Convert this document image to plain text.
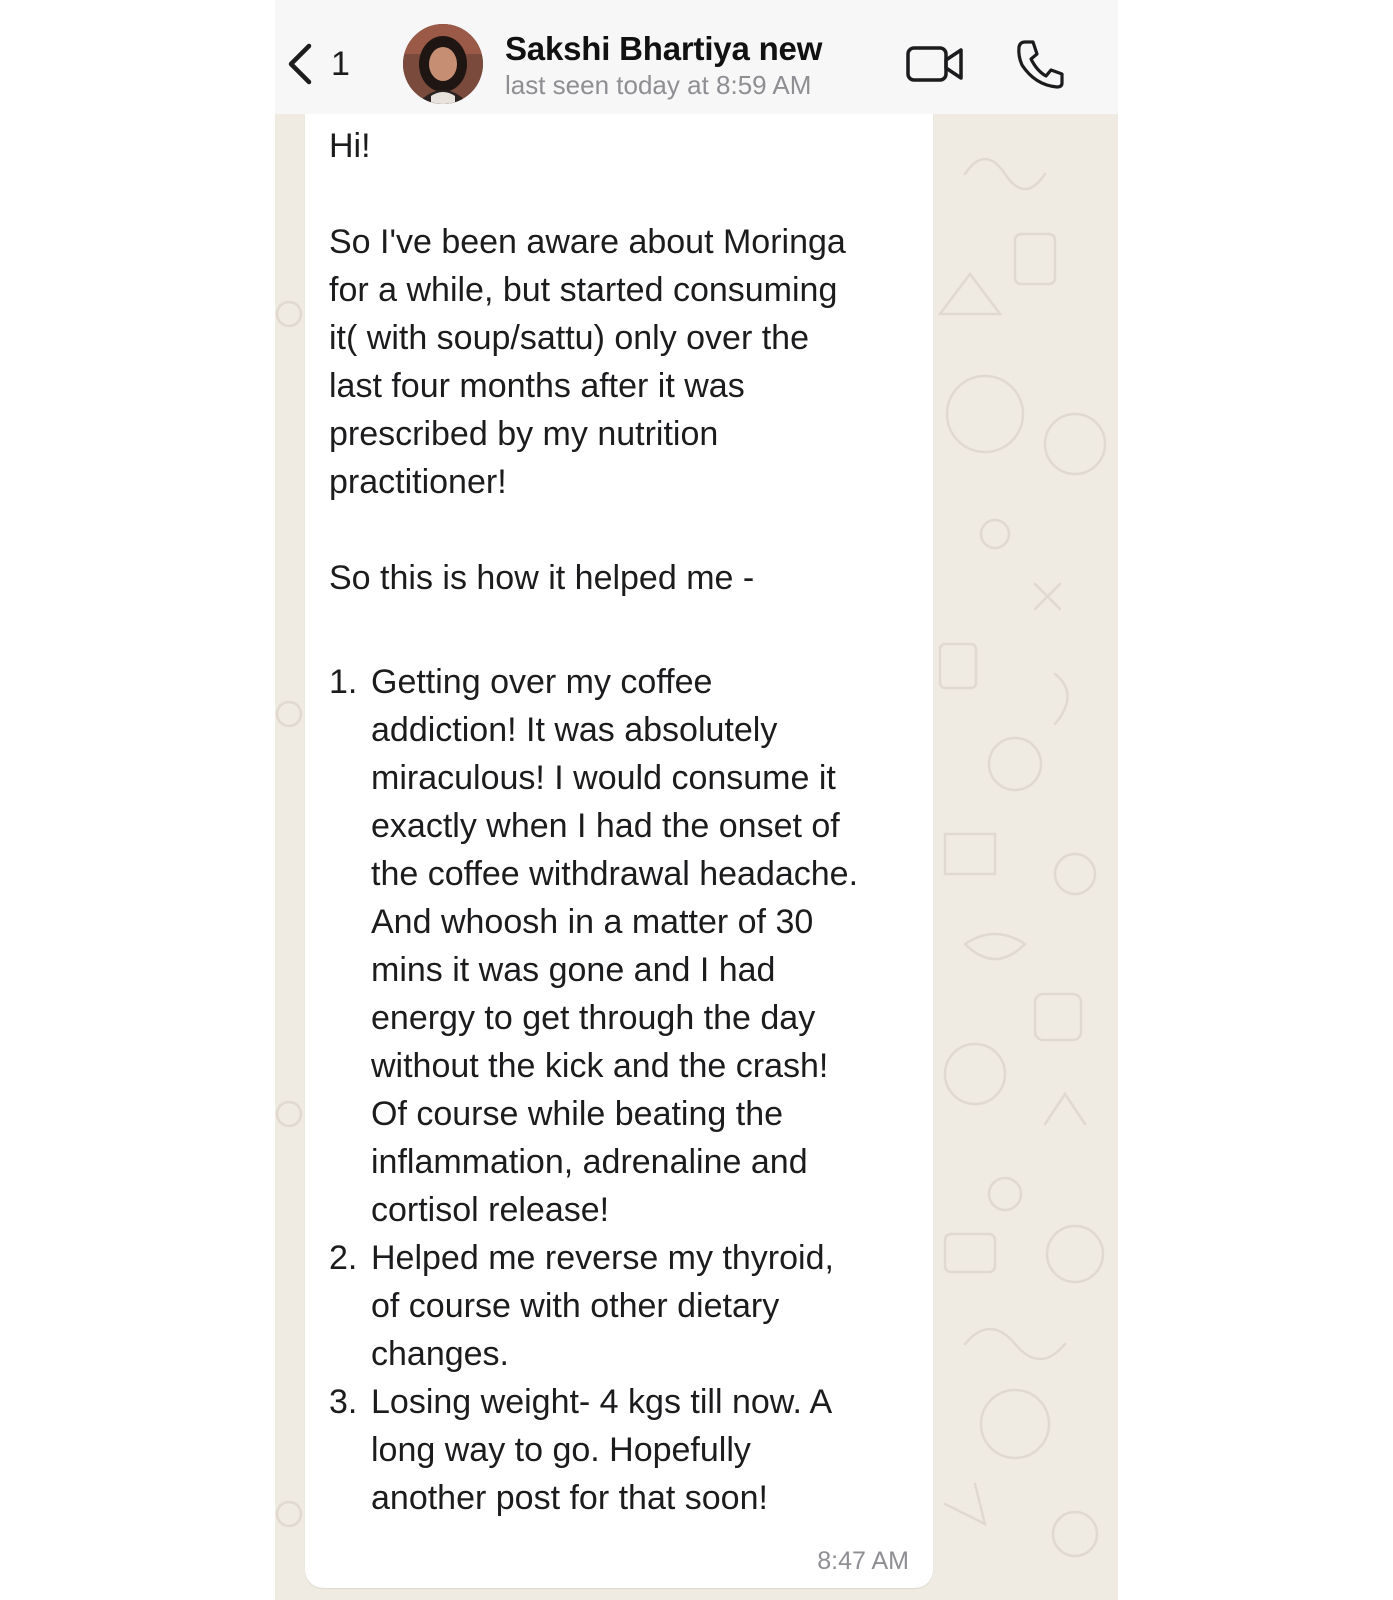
1	Sakshi Bhartiya new
last seen today at 8:59 AM

Hi!

So I've been aware about Moringa

for a while, but started consuming

it( with soup/sattu) only over the

last four months after it was

prescribed by my nutrition

practitioner!

So this is how it helped me -

1. Getting over my coffee

addiction! It was absolutely

miraculous! I would consume it

exactly when I had the onset of

the coffee withdrawal headache.

And whoosh in a matter of 30

mins it was gone and I had

energy to get through the day

without the kick and the crash!

Of course while beating the

inflammation, adrenaline and

cortisol release!

2. Helped me reverse my thyroid,

of course with other dietary

changes.

3. Losing weight- 4 kgs till now. A

long way to go. Hopefully

another post for that soon!

8:47 AM
